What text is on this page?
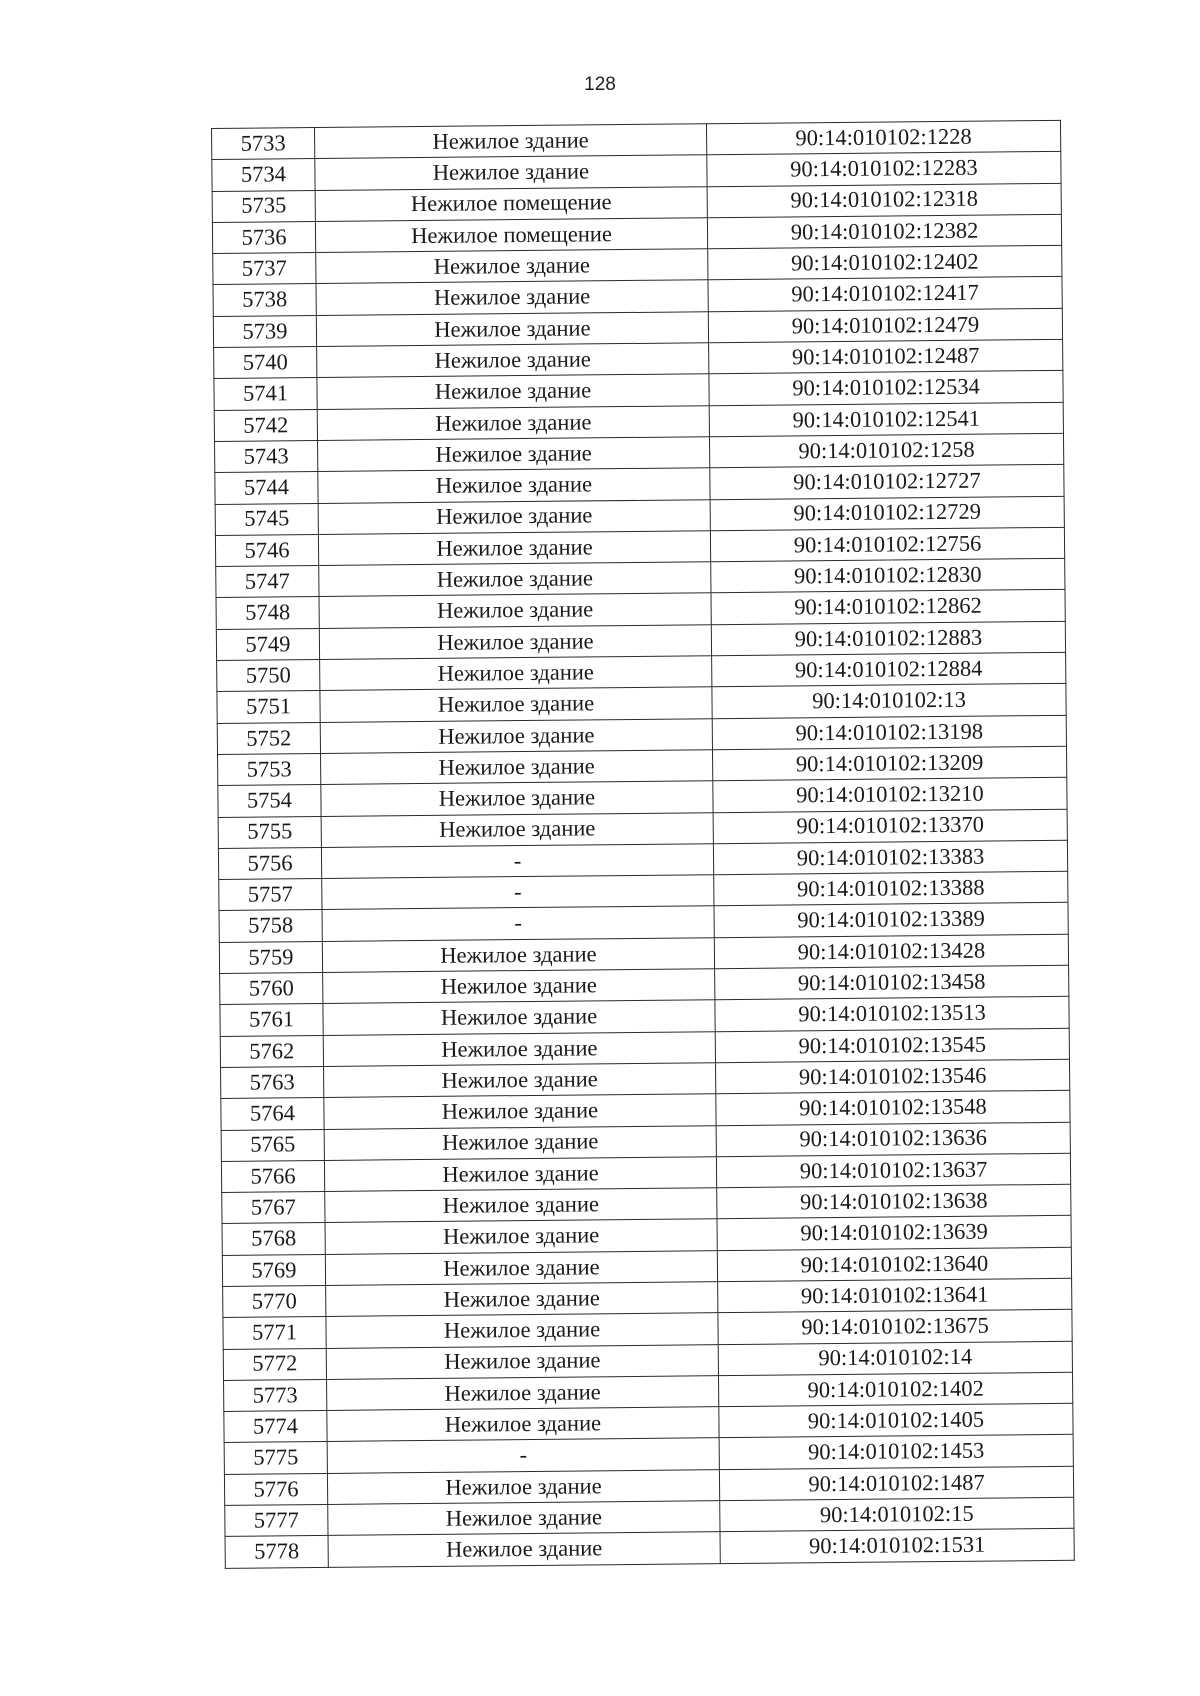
128
5733	Нежилое здание	90:14:010102:1228
5734	Нежилое здание	90:14:010102:12283
5735	Нежилое помещение	90:14:010102:12318
5736	Нежилое помещение	90:14:010102:12382
5737	Нежилое здание	90:14:010102:12402
5738	Нежилое здание	90:14:010102:12417
5739	Нежилое здание	90:14:010102:12479
5740	Нежилое здание	90:14:010102:12487
5741	Нежилое здание	90:14:010102:12534
5742	Нежилое здание	90:14:010102:12541
5743	Нежилое здание	90:14:010102:1258
5744	Нежилое здание	90:14:010102:12727
5745	Нежилое здание	90:14:010102:12729
5746	Нежилое здание	90:14:010102:12756
5747	Нежилое здание	90:14:010102:12830
5748	Нежилое здание	90:14:010102:12862
5749	Нежилое здание	90:14:010102:12883
5750	Нежилое здание	90:14:010102:12884
5751	Нежилое здание	90:14:010102:13
5752	Нежилое здание	90:14:010102:13198
5753	Нежилое здание	90:14:010102:13209
5754	Нежилое здание	90:14:010102:13210
5755	Нежилое здание	90:14:010102:13370
5756	-	90:14:010102:13383
5757	-	90:14:010102:13388
5758	-	90:14:010102:13389
5759	Нежилое здание	90:14:010102:13428
5760	Нежилое здание	90:14:010102:13458
5761	Нежилое здание	90:14:010102:13513
5762	Нежилое здание	90:14:010102:13545
5763	Нежилое здание	90:14:010102:13546
5764	Нежилое здание	90:14:010102:13548
5765	Нежилое здание	90:14:010102:13636
5766	Нежилое здание	90:14:010102:13637
5767	Нежилое здание	90:14:010102:13638
5768	Нежилое здание	90:14:010102:13639
5769	Нежилое здание	90:14:010102:13640
5770	Нежилое здание	90:14:010102:13641
5771	Нежилое здание	90:14:010102:13675
5772	Нежилое здание	90:14:010102:14
5773	Нежилое здание	90:14:010102:1402
5774	Нежилое здание	90:14:010102:1405
5775	-	90:14:010102:1453
5776	Нежилое здание	90:14:010102:1487
5777	Нежилое здание	90:14:010102:15
5778	Нежилое здание	90:14:010102:1531
